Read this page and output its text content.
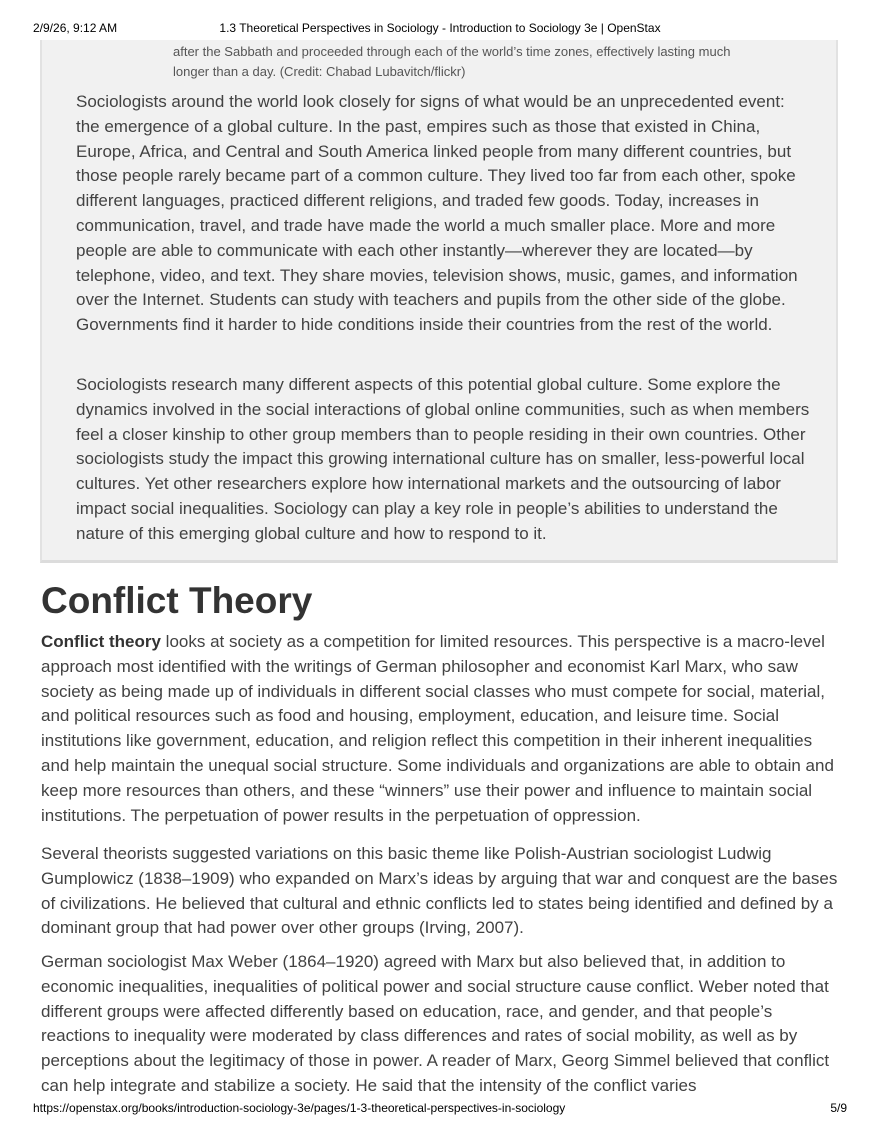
2/9/26, 9:12 AM	1.3 Theoretical Perspectives in Sociology - Introduction to Sociology 3e | OpenStax
after the Sabbath and proceeded through each of the world’s time zones, effectively lasting much longer than a day. (Credit: Chabad Lubavitch/flickr)
Sociologists around the world look closely for signs of what would be an unprecedented event: the emergence of a global culture. In the past, empires such as those that existed in China, Europe, Africa, and Central and South America linked people from many different countries, but those people rarely became part of a common culture. They lived too far from each other, spoke different languages, practiced different religions, and traded few goods. Today, increases in communication, travel, and trade have made the world a much smaller place. More and more people are able to communicate with each other instantly—wherever they are located—by telephone, video, and text. They share movies, television shows, music, games, and information over the Internet. Students can study with teachers and pupils from the other side of the globe. Governments find it harder to hide conditions inside their countries from the rest of the world.
Sociologists research many different aspects of this potential global culture. Some explore the dynamics involved in the social interactions of global online communities, such as when members feel a closer kinship to other group members than to people residing in their own countries. Other sociologists study the impact this growing international culture has on smaller, less-powerful local cultures. Yet other researchers explore how international markets and the outsourcing of labor impact social inequalities. Sociology can play a key role in people’s abilities to understand the nature of this emerging global culture and how to respond to it.
Conflict Theory

Conflict theory looks at society as a competition for limited resources. This perspective is a macro-level approach most identified with the writings of German philosopher and economist Karl Marx, who saw society as being made up of individuals in different social classes who must compete for social, material, and political resources such as food and housing, employment, education, and leisure time. Social institutions like government, education, and religion reflect this competition in their inherent inequalities and help maintain the unequal social structure. Some individuals and organizations are able to obtain and keep more resources than others, and these “winners” use their power and influence to maintain social institutions. The perpetuation of power results in the perpetuation of oppression.

Several theorists suggested variations on this basic theme like Polish-Austrian sociologist Ludwig Gumplowicz (1838–1909) who expanded on Marx’s ideas by arguing that war and conquest are the bases of civilizations. He believed that cultural and ethnic conflicts led to states being identified and defined by a dominant group that had power over other groups (Irving, 2007).

German sociologist Max Weber (1864–1920) agreed with Marx but also believed that, in addition to economic inequalities, inequalities of political power and social structure cause conflict. Weber noted that different groups were affected differently based on education, race, and gender, and that people’s reactions to inequality were moderated by class differences and rates of social mobility, as well as by perceptions about the legitimacy of those in power. A reader of Marx, Georg Simmel believed that conflict can help integrate and stabilize a society. He said that the intensity of the conflict varies

https://openstax.org/books/introduction-sociology-3e/pages/1-3-theoretical-perspectives-in-sociology	5/9
